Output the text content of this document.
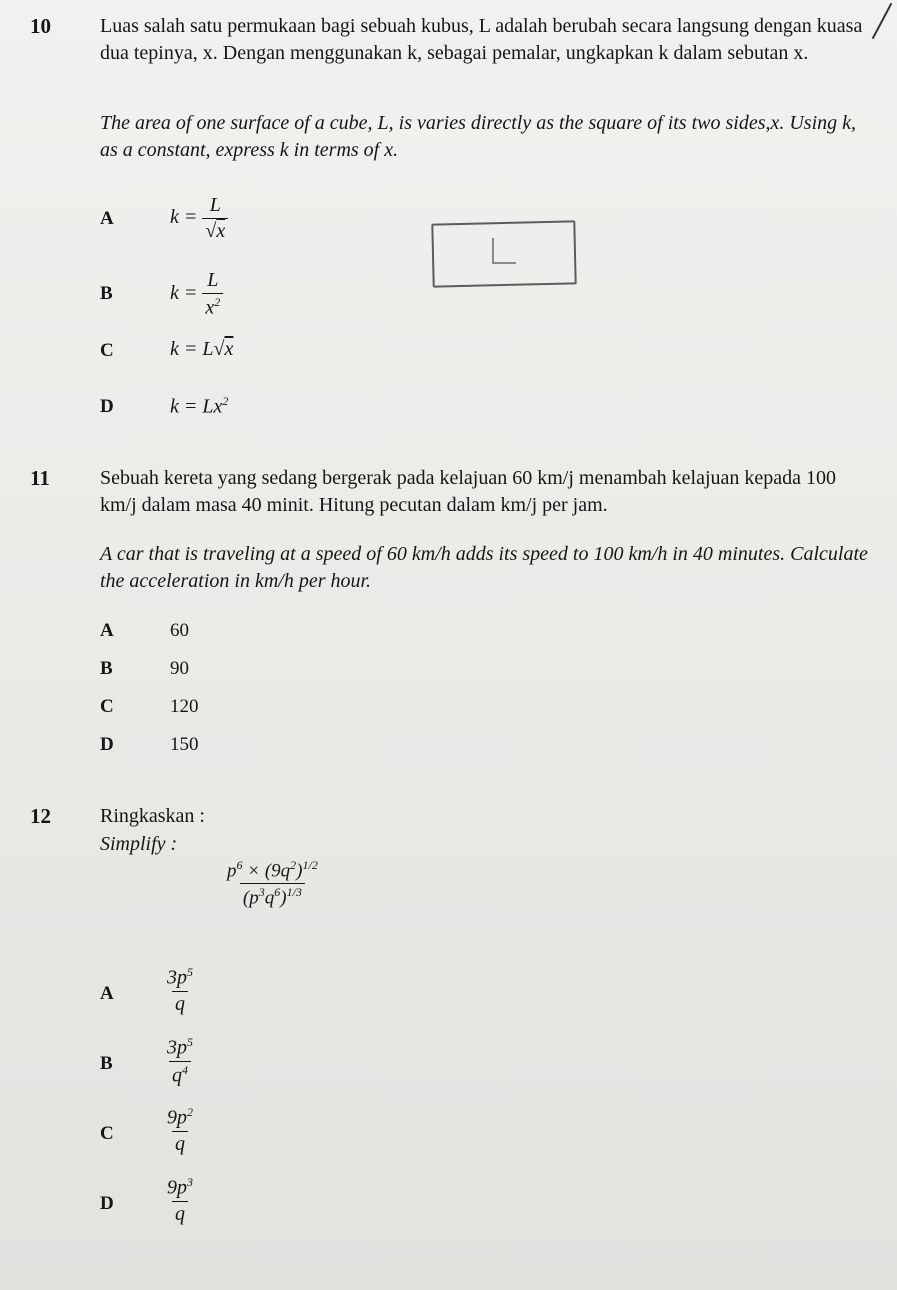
10 Luas salah satu permukaan bagi sebuah kubus, L adalah berubah secara langsung dengan kuasa dua tepinya, x. Dengan menggunakan k, sebagai pemalar, ungkapkan k dalam sebutan x.
The area of one surface of a cube, L, is varies directly as the square of its two sides,x. Using k, as a constant, express k in terms of x.
A	$k = \frac{L}{√x}$
B	$k = \frac{L}{x^2}$
C	k = L√x
D	$k = Lx^2$
11	Sebuah kereta yang sedang bergerak pada kelajuan 60 km/j menambah kelajuan kepada 100 km/j dalam masa 40 minit. Hitung pecutan dalam km/j per jam.
A car that is traveling at a speed of 60 km/h adds its speed to 100 km/h in 40 minutes. Calculate the acceleration in km/h per hour.
A	60
B	90
C	120
D	150
12 Ringkaskan :
Simplify :
$\frac{p^6 \times (9q^2)^{1/2}}{(p^3q^6)^{1/3}}$
A	$\frac{3p^5}{q}$
B	$\frac{3p^5}{q^4}$
C	$\frac{9p^2}{q}$
D	$\frac{9p^3}{q}$
